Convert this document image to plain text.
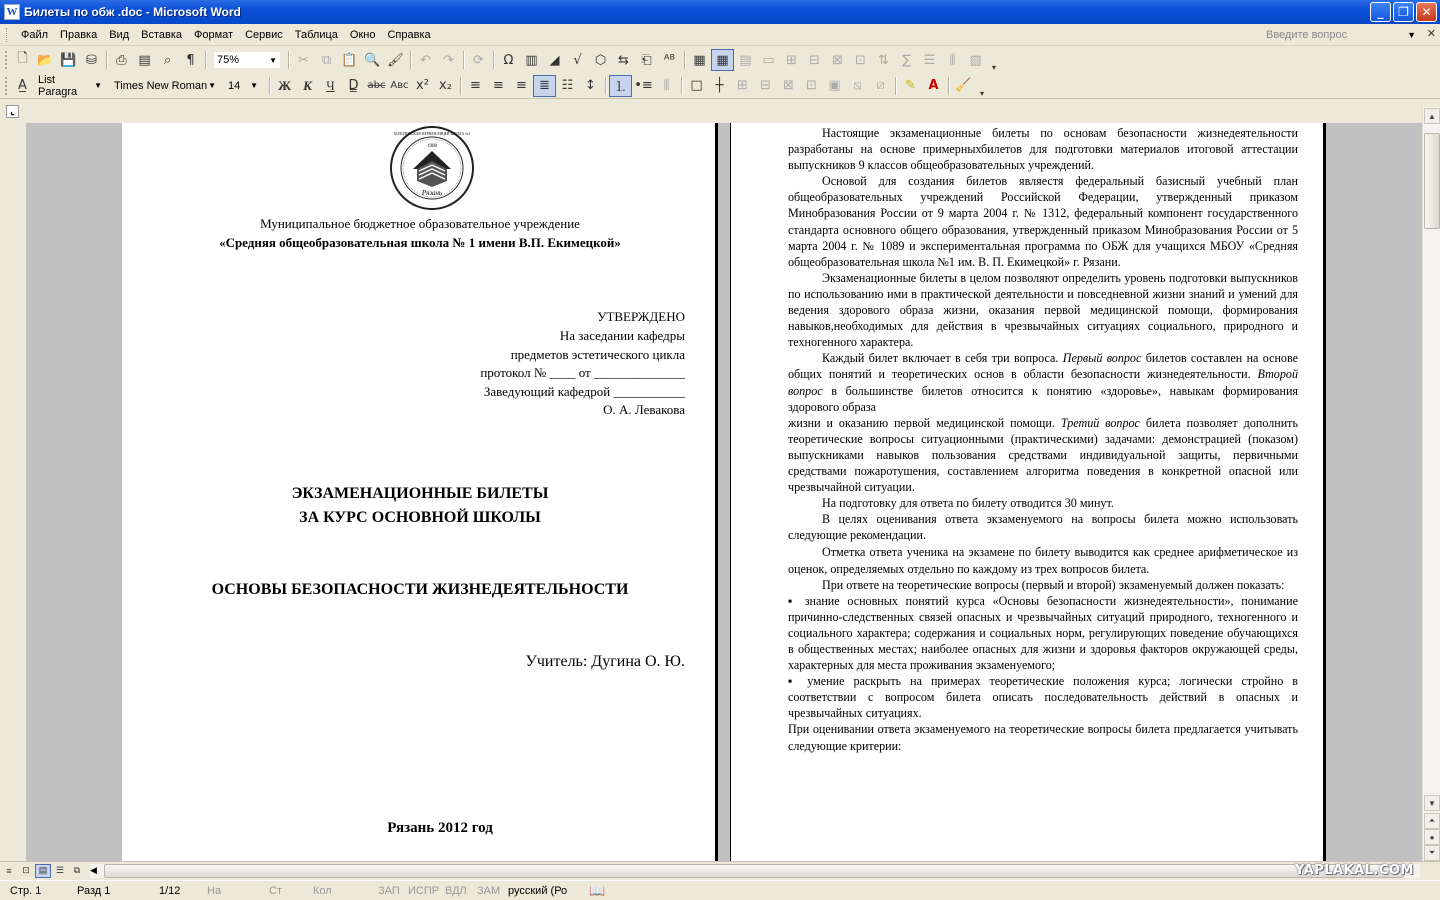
W Билеты по обж .doc - Microsoft Word	_ ❐ ✕
Файл	Правка	Вид	Вставка	Формат	Сервис	Таблица	Окно	Справка	Введите вопрос	▼ ✕
🗋 📂 💾 ⛁	⎙ ▤	⌕	¶	75%	▼	✂ ⧉ 📋 🔍 🖌	↶ ↷	⟳	Ω ▥ ◢	√	⬡ ⇆ ⎗ ᴬᴮ	▦ ▦ ▤ ▭ ⊞ ⊟ ⊠ ⊡ ⇅	∑ ☰	⫼	▧	▾
A̲	List Paragra	▼ Times New Roman ▼ 14 ▼	Ж К	Ч	D̳ a̶b̶c̶ Aʙᴄ x² x₂	≡ ≡ ≡ ≣ ☷ ↕	⒈ •≡ ⫼	□ ┼	⊞ ⊟ ⊠ ⊡ ▣ ⧅	⧄	✎ A	🧹	▾
⌞
1908
Рязань
ХОЛОДОВСКАЯ·ПЕРВАЯ·ЛИЦЕЙ·ШКОЛА №1
Муниципальное бюджетное образовательное учреждение
«Средняя общеобразовательная школа № 1 имени В.П. Екимецкой»
УТВЕРЖДЕНО
На заседании кафедры
предметов эстетического цикла
протокол № ____ от ______________
Заведующий кафедрой ___________
О. А. Левакова
ЭКЗАМЕНАЦИОННЫЕ БИЛЕТЫ
ЗА КУРС ОСНОВНОЙ ШКОЛЫ
ОСНОВЫ БЕЗОПАСНОСТИ ЖИЗНЕДЕЯТЕЛЬНОСТИ
Учитель: Дугина О. Ю.
Рязань 2012 год

Настоящие экзаменационные билеты по основам безопасности жизнедеятельности разработаны на основе примерныхбилетов для подготовки материалов итоговой аттестации выпускников 9 классов общеобразовательных учреждений.

Основой для создания билетов являестя федеральный базисный учебный план общеобразовательных учреждений Российской Федерации, утвержденный приказом Минобразования России от 9 марта 2004 г. № 1312, федеральный компонент государственного стандарта основного общего образования, утвержденный приказом Минобразования России от 5 марта 2004 г. № 1089 и экспериментальная программа по ОБЖ для учащихся МБОУ «Средняя общеобразовательная школа №1 им. В. П. Екимецкой» г. Рязани.

Экзаменационные билеты в целом позволяют определить уровень подготовки выпускников по использованию ими в практической деятельности и повседневной жизни знаний и умений для ведения здорового образа жизни, оказания первой медицинской помощи, формирования навыков,необходимых для действия в чрезвычайных ситуациях социального, природного и техногенного характера.

Каждый билет включает в себя три вопроса. Первый вопрос билетов составлен на основе общих понятий и теоретических основ в области безопасности жизнедеятельности. Второй вопрос в большинстве билетов относится к понятию «здоровье», навыкам формирования здорового образа

жизни и оказанию первой медицинской помощи. Третий вопрос билета позволяет дополнить теоретические вопросы ситуационными (практическими) задачами: демонстрацией (показом) выпускниками навыков пользования средствами индивидуальной защиты, первичными средствами пожаротушения, составлением алгоритма поведения в конкретной опасной или чрезвычайной ситуации.

На подготовку для ответа по билету отводится 30 минут.

В целях оценивания ответа экзаменуемого на вопросы билета можно использовать следующие рекомендации.

Отметка ответа ученика на экзамене по билету выводится как среднее арифметическое из оценок, определяемых отдельно по каждому из трех вопросов билета.

При ответе на теоретические вопросы (первый и второй) экзаменуемый должен показать:

▪ знание основных понятий курса «Основы безопасности жизнедеятельности», понимание причинно-следственных связей опасных и чрезвычайных ситуаций природного, техногенного и социального характера; содержания и социальных норм, регулирующих поведение обучающихся в общественных местах; наиболее опасных для жизни и здоровья факторов окружающей среды, характерных для места проживания экзаменуемого;

▪ умение раскрыть на примерах теоретические положения курса; логически стройно в соответствии с вопросом билета описать последовательность действий в опасных и чрезвычайных ситуациях.

При оценивании ответа экзаменуемого на теоретические вопросы билета предлагается учитывать следующие критерии:

▲
▼
⏶
●
⏷
≡	⊡ ▤ ☰	⧉	◀	YAPLAKAL.COM
Стр. 1	Разд 1	1/12 На	Ст	Кол	ЗАП ИСПР ВДЛ ЗАМ русский (Ро 📖
